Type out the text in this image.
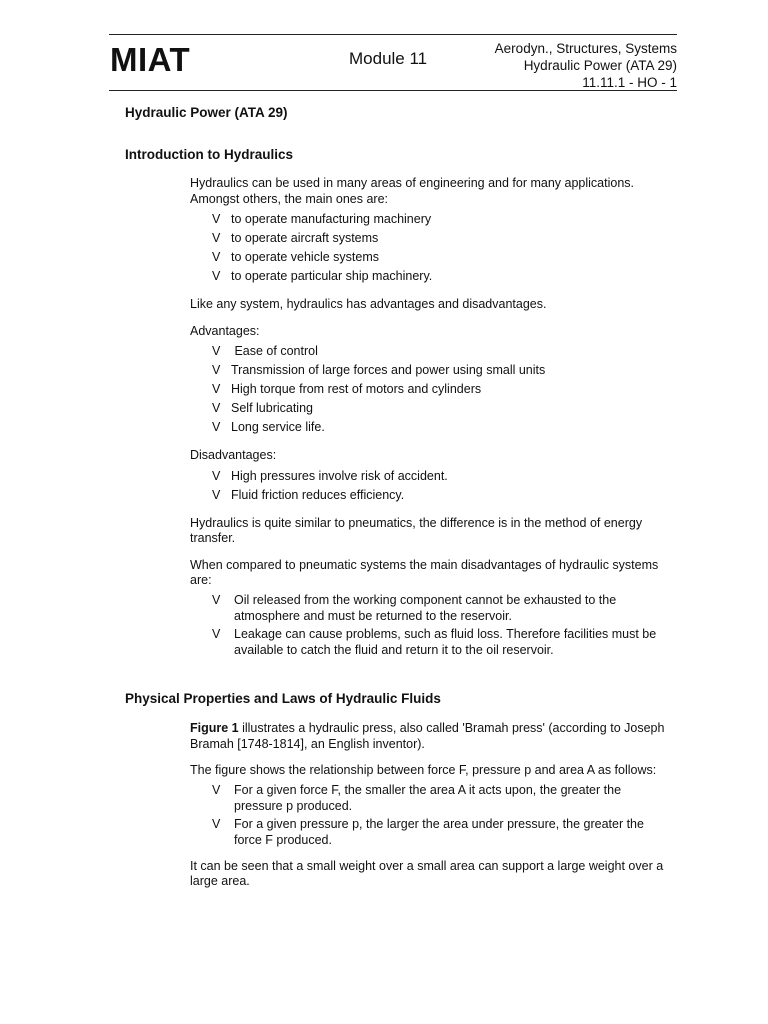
MIAT	Module 11
Aerodyn., Structures, Systems
Hydraulic Power (ATA 29)
11.11.1 - HO - 1
Hydraulic Power (ATA 29)
Introduction to Hydraulics

Hydraulics can be used in many areas of engineering and for many applications. Amongst others, the main ones are:

V to operate manufacturing machinery
V to operate aircraft systems
V to operate vehicle systems
V to operate particular ship machinery.

Like any system, hydraulics has advantages and disadvantages.

Advantages:

V Ease of control
V Transmission of large forces and power using small units
V High torque from rest of motors and cylinders
V Self lubricating
V Long service life.

Disadvantages:

V High pressures involve risk of accident.
V Fluid friction reduces efficiency.

Hydraulics is quite similar to pneumatics, the difference is in the method of energy transfer.

When compared to pneumatic systems the main disadvantages of hydraulic systems are:

V Oil released from the working component cannot be exhausted to the atmosphere and must be returned to the reservoir.
V Leakage can cause problems, such as fluid loss. Therefore facilities must be available to catch the fluid and return it to the oil reservoir.
Physical Properties and Laws of Hydraulic Fluids

Figure 1 illustrates a hydraulic press, also called 'Bramah press' (according to Joseph Bramah [1748-1814], an English inventor).

The figure shows the relationship between force F, pressure p and area A as follows:

V For a given force F, the smaller the area A it acts upon, the greater the pressure p produced.
V For a given pressure p, the larger the area under pressure, the greater the force F produced.

It can be seen that a small weight over a small area can support a large weight over a large area.
